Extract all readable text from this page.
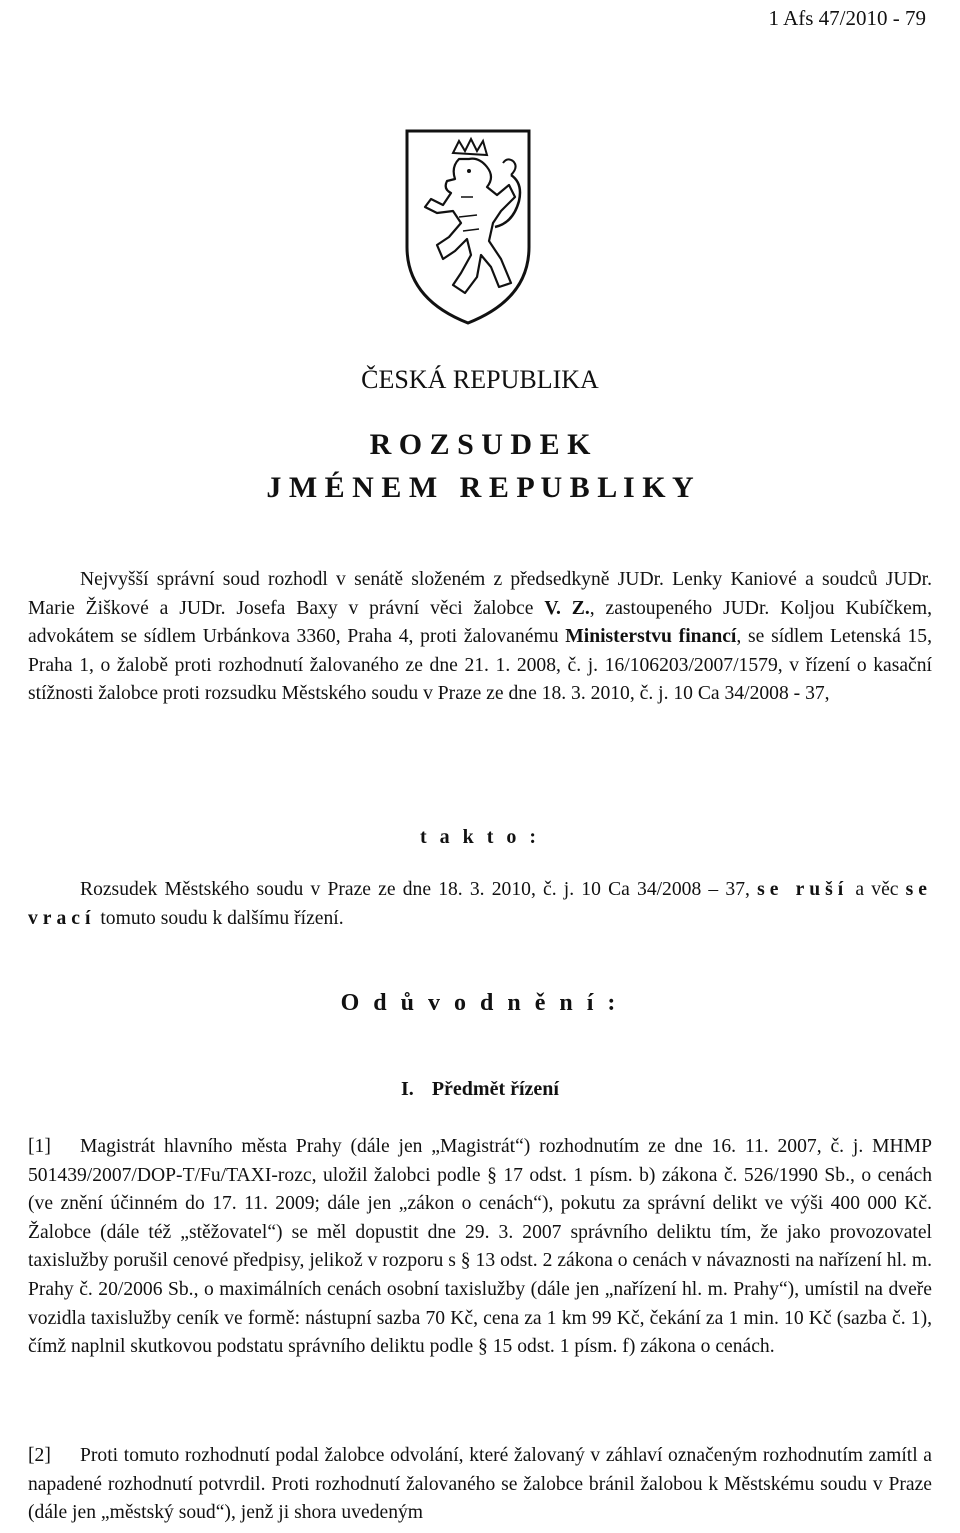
1 Afs 47/2010 - 79
ČESKÁ REPUBLIKA
R O Z S U D E K
J M É N E M   R E P U B L I K Y

Nejvyšší správní soud rozhodl v senátě složeném z předsedkyně JUDr. Lenky Kaniové a soudců JUDr. Marie Žiškové a JUDr. Josefa Baxy v právní věci žalobce V. Z., zastoupeného JUDr. Koljou Kubíčkem, advokátem se sídlem Urbánkova 3360, Praha 4, proti žalovanému Ministerstvu financí, se sídlem Letenská 15, Praha 1, o žalobě proti rozhodnutí žalovaného ze dne 21. 1. 2008, č. j. 16/106203/2007/1579, v řízení o kasační stížnosti žalobce proti rozsudku Městského soudu v Praze ze dne 18. 3. 2010, č. j. 10 Ca 34/2008 - 37,

t a k t o :

Rozsudek Městského soudu v Praze ze dne 18. 3. 2010, č. j. 10 Ca 34/2008 – 37, se ruší a věc se vrací tomuto soudu k dalšímu řízení.

O d ů v o d n ě n í :
I. Předmět řízení

[1] Magistrát hlavního města Prahy (dále jen „Magistrát“) rozhodnutím ze dne 16. 11. 2007, č. j. MHMP 501439/2007/DOP-T/Fu/TAXI-rozc, uložil žalobci podle § 17 odst. 1 písm. b) zákona č. 526/1990 Sb., o cenách (ve znění účinném do 17. 11. 2009; dále jen „zákon o cenách“), pokutu za správní delikt ve výši 400 000 Kč. Žalobce (dále též „stěžovatel“) se měl dopustit dne 29. 3. 2007 správního deliktu tím, že jako provozovatel taxislužby porušil cenové předpisy, jelikož v rozporu s § 13 odst. 2 zákona o cenách v návaznosti na nařízení hl. m. Prahy č. 20/2006 Sb., o maximálních cenách osobní taxislužby (dále jen „nařízení hl. m. Prahy“), umístil na dveře vozidla taxislužby ceník ve formě: nástupní sazba 70 Kč, cena za 1 km 99 Kč, čekání za 1 min. 10 Kč (sazba č. 1), čímž naplnil skutkovou podstatu správního deliktu podle § 15 odst. 1 písm. f) zákona o cenách.

[2] Proti tomuto rozhodnutí podal žalobce odvolání, které žalovaný v záhlaví označeným rozhodnutím zamítl a napadené rozhodnutí potvrdil. Proti rozhodnutí žalovaného se žalobce bránil žalobou k Městskému soudu v Praze (dále jen „městský soud“), jenž ji shora uvedeným
